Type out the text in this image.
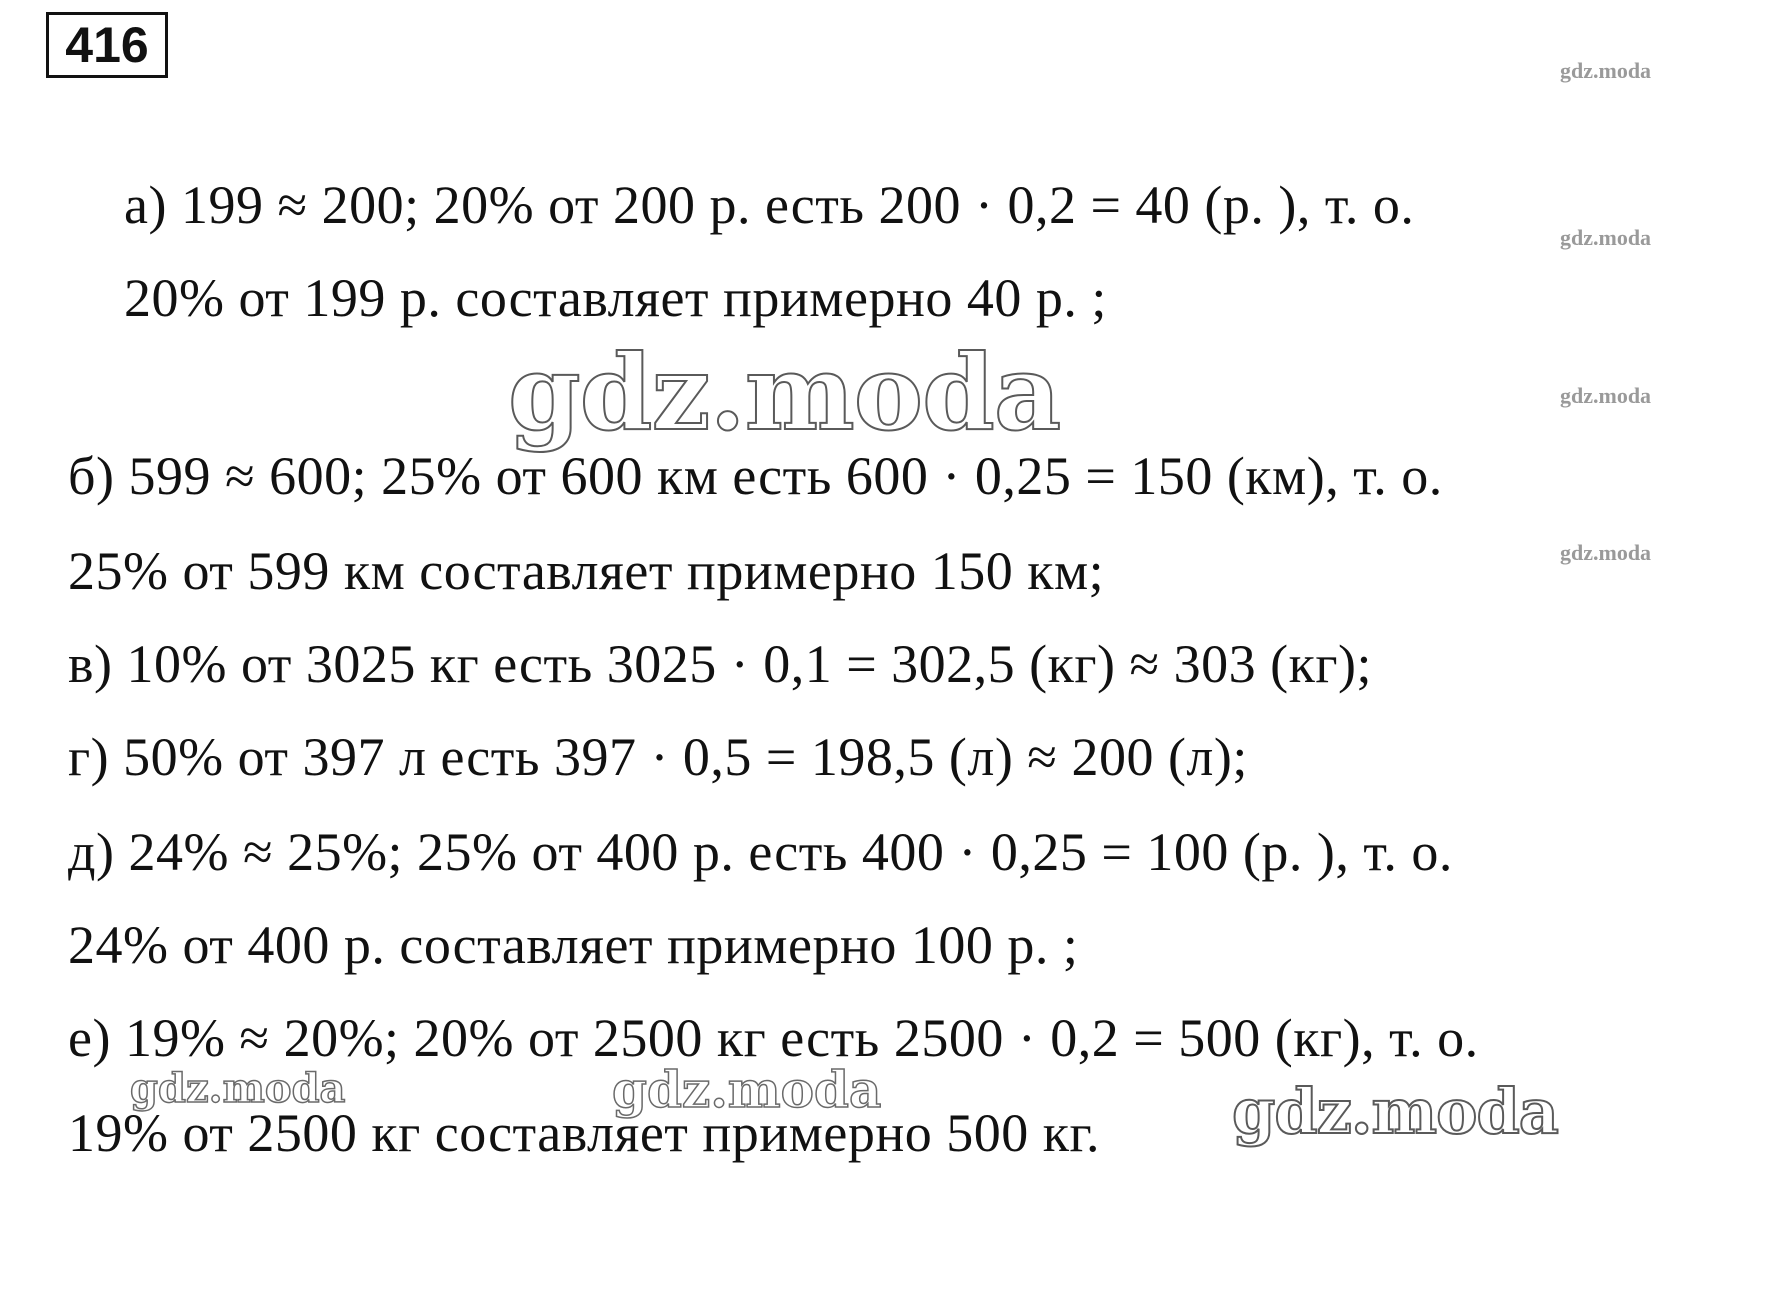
416	gdz.moda
gdz.moda
gdz.moda
gdz.moda
gdz.moda
gdz.moda	gdz.moda	gdz.moda
а) 199 ≈ 200; 20% от 200 р. есть 200 · 0,2 = 40 (р. ), т. о.
20% от 199 р. составляет примерно 40 р. ;
б) 599 ≈ 600; 25% от 600 км есть 600 · 0,25 = 150 (км), т. о.
25% от 599 км составляет примерно 150 км;
в) 10% от 3025 кг есть 3025 · 0,1 = 302,5 (кг) ≈ 303 (кг);
г) 50% от 397 л есть 397 · 0,5 = 198,5 (л) ≈ 200 (л);
д) 24% ≈ 25%; 25% от 400 р. есть 400 · 0,25 = 100 (р. ), т. о.
24% от 400 р. составляет примерно 100 р. ;
е) 19% ≈ 20%; 20% от 2500 кг есть 2500 · 0,2 = 500 (кг), т. о.
19% от 2500 кг составляет примерно 500 кг.
